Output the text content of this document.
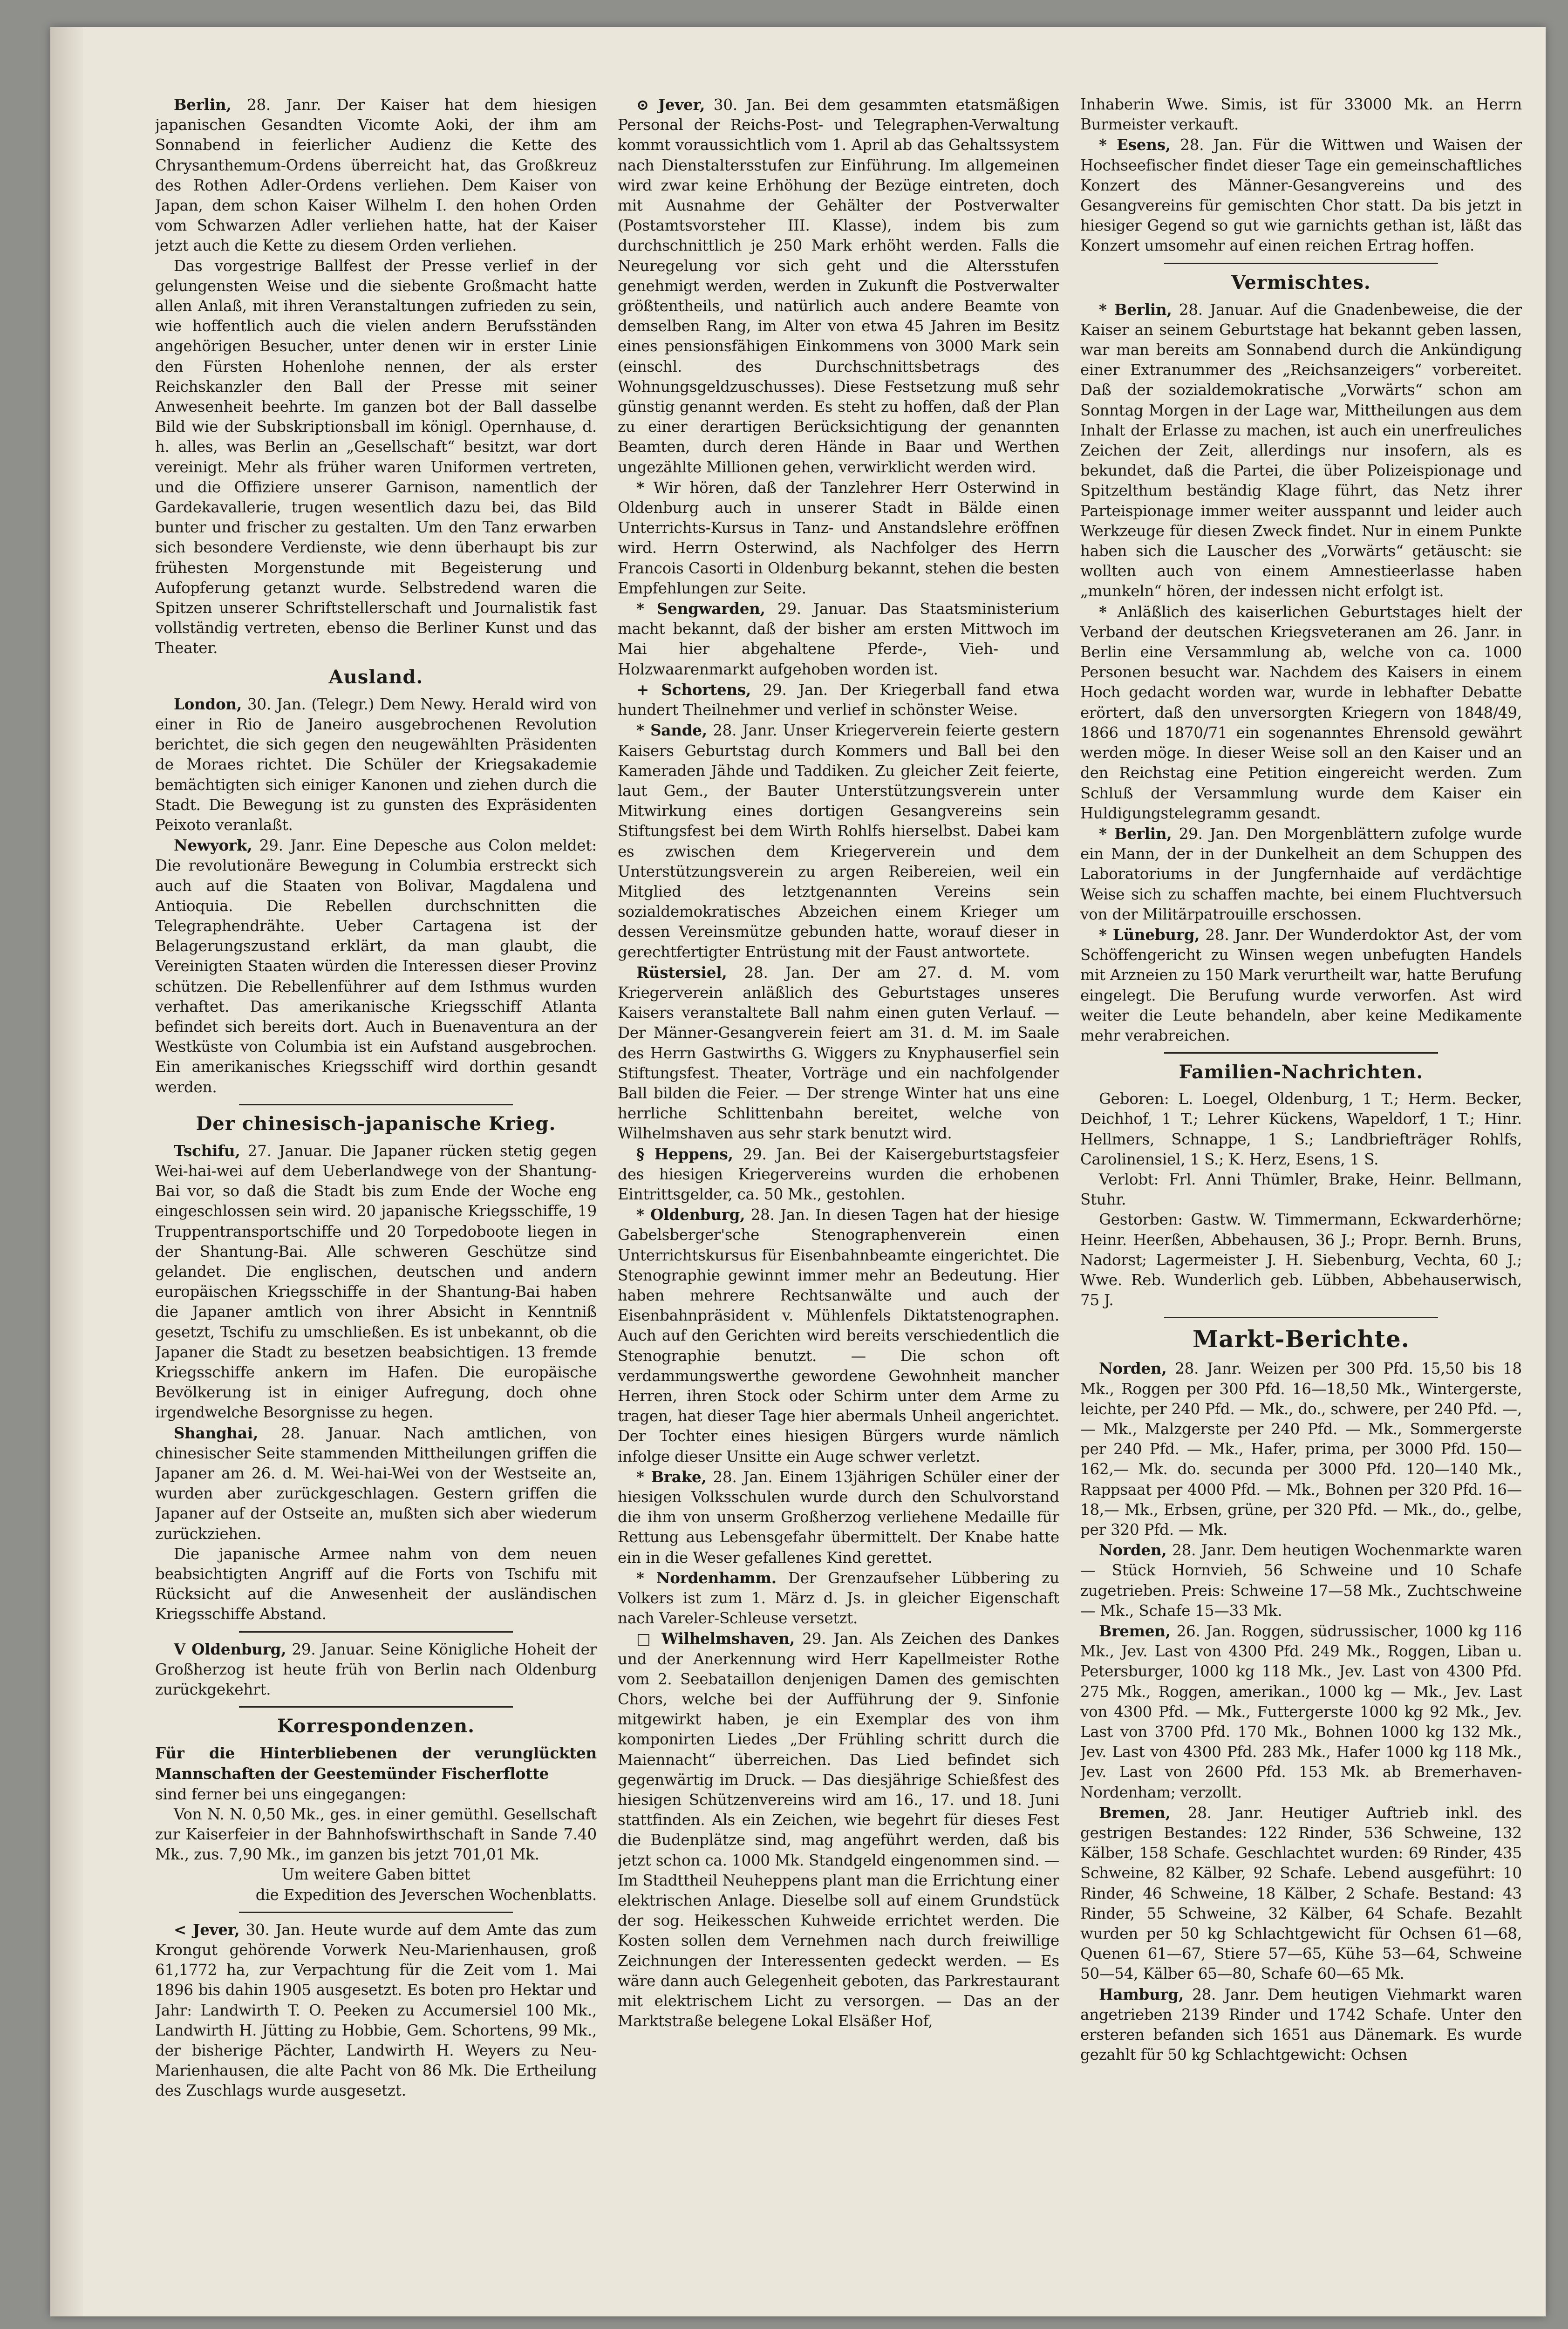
Berlin, 28. Janr. Der Kaiser hat dem hiesigen japanischen Gesandten Vicomte Aoki, der ihm am Sonnabend in feierlicher Audienz die Kette des Chrysanthemum-Ordens überreicht hat, das Großkreuz des Rothen Adler-Ordens verliehen. Dem Kaiser von Japan, dem schon Kaiser Wilhelm I. den hohen Orden vom Schwarzen Adler verliehen hatte, hat der Kaiser jetzt auch die Kette zu diesem Orden verliehen.

Das vorgestrige Ballfest der Presse verlief in der gelungensten Weise und die siebente Großmacht hatte allen Anlaß, mit ihren Veranstaltungen zufrieden zu sein, wie hoffentlich auch die vielen andern Berufsständen angehörigen Besucher, unter denen wir in erster Linie den Fürsten Hohenlohe nennen, der als erster Reichskanzler den Ball der Presse mit seiner Anwesenheit beehrte. Im ganzen bot der Ball dasselbe Bild wie der Subskriptionsball im königl. Opernhause, d. h. alles, was Berlin an „Gesellschaft“ besitzt, war dort vereinigt. Mehr als früher waren Uniformen vertreten, und die Offiziere unserer Garnison, namentlich der Gardekavallerie, trugen wesentlich dazu bei, das Bild bunter und frischer zu gestalten. Um den Tanz erwarben sich besondere Verdienste, wie denn überhaupt bis zur frühesten Morgenstunde mit Begeisterung und Aufopferung getanzt wurde. Selbstredend waren die Spitzen unserer Schriftstellerschaft und Journalistik fast vollständig vertreten, ebenso die Berliner Kunst und das Theater.

Ausland.

London, 30. Jan. (Telegr.) Dem Newy. Herald wird von einer in Rio de Janeiro ausgebrochenen Revolution berichtet, die sich gegen den neugewählten Präsidenten de Moraes richtet. Die Schüler der Kriegsakademie bemächtigten sich einiger Kanonen und ziehen durch die Stadt. Die Bewegung ist zu gunsten des Expräsidenten Peixoto veranlaßt.

Newyork, 29. Janr. Eine Depesche aus Colon meldet: Die revolutionäre Bewegung in Columbia erstreckt sich auch auf die Staaten von Bolivar, Magdalena und Antioquia. Die Rebellen durchschnitten die Telegraphendrähte. Ueber Cartagena ist der Belagerungszustand erklärt, da man glaubt, die Vereinigten Staaten würden die Interessen dieser Provinz schützen. Die Rebellenführer auf dem Isthmus wurden verhaftet. Das amerikanische Kriegsschiff Atlanta befindet sich bereits dort. Auch in Buenaventura an der Westküste von Columbia ist ein Aufstand ausgebrochen. Ein amerikanisches Kriegsschiff wird dorthin gesandt werden.

Der chinesisch-japanische Krieg.

Tschifu, 27. Januar. Die Japaner rücken stetig gegen Wei-hai-wei auf dem Ueberlandwege von der Shantung-Bai vor, so daß die Stadt bis zum Ende der Woche eng eingeschlossen sein wird. 20 japanische Kriegsschiffe, 19 Truppentransportschiffe und 20 Torpedoboote liegen in der Shantung-Bai. Alle schweren Geschütze sind gelandet. Die englischen, deutschen und andern europäischen Kriegsschiffe in der Shantung-Bai haben die Japaner amtlich von ihrer Absicht in Kenntniß gesetzt, Tschifu zu umschließen. Es ist unbekannt, ob die Japaner die Stadt zu besetzen beabsichtigen. 13 fremde Kriegsschiffe ankern im Hafen. Die europäische Bevölkerung ist in einiger Aufregung, doch ohne irgendwelche Besorgnisse zu hegen.

Shanghai, 28. Januar. Nach amtlichen, von chinesischer Seite stammenden Mittheilungen griffen die Japaner am 26. d. M. Wei-hai-Wei von der Westseite an, wurden aber zurückgeschlagen. Gestern griffen die Japaner auf der Ostseite an, mußten sich aber wiederum zurückziehen.

Die japanische Armee nahm von dem neuen beabsichtigten Angriff auf die Forts von Tschifu mit Rücksicht auf die Anwesenheit der ausländischen Kriegsschiffe Abstand.

V Oldenburg, 29. Januar. Seine Königliche Hoheit der Großherzog ist heute früh von Berlin nach Oldenburg zurückgekehrt.

Korrespondenzen.

Für die Hinterbliebenen der verunglückten Mannschaften der Geestemünder Fischerflotte

sind ferner bei uns eingegangen:

Von N. N. 0,50 Mk., ges. in einer gemüthl. Gesellschaft zur Kaiserfeier in der Bahnhofswirthschaft in Sande 7.40 Mk., zus. 7,90 Mk., im ganzen bis jetzt 701,01 Mk.

Um weitere Gaben bittet

die Expedition des Jeverschen Wochenblatts.

< Jever, 30. Jan. Heute wurde auf dem Amte das zum Krongut gehörende Vorwerk Neu-Marienhausen, groß 61,1772 ha, zur Verpachtung für die Zeit vom 1. Mai 1896 bis dahin 1905 ausgesetzt. Es boten pro Hektar und Jahr: Landwirth T. O. Peeken zu Accumersiel 100 Mk., Landwirth H. Jütting zu Hobbie, Gem. Schortens, 99 Mk., der bisherige Pächter, Landwirth H. Weyers zu Neu-Marienhausen, die alte Pacht von 86 Mk. Die Ertheilung des Zuschlags wurde ausgesetzt.

⊙ Jever, 30. Jan. Bei dem gesammten etatsmäßigen Personal der Reichs-Post- und Telegraphen-Verwaltung kommt voraussichtlich vom 1. April ab das Gehaltssystem nach Dienstaltersstufen zur Einführung. Im allgemeinen wird zwar keine Erhöhung der Bezüge eintreten, doch mit Ausnahme der Gehälter der Postverwalter (Postamtsvorsteher III. Klasse), indem bis zum durchschnittlich je 250 Mark erhöht werden. Falls die Neuregelung vor sich geht und die Altersstufen genehmigt werden, werden in Zukunft die Postverwalter größtentheils, und natürlich auch andere Beamte von demselben Rang, im Alter von etwa 45 Jahren im Besitz eines pensionsfähigen Einkommens von 3000 Mark sein (einschl. des Durchschnittsbetrags des Wohnungsgeldzuschusses). Diese Festsetzung muß sehr günstig genannt werden. Es steht zu hoffen, daß der Plan zu einer derartigen Berücksichtigung der genannten Beamten, durch deren Hände in Baar und Werthen ungezählte Millionen gehen, verwirklicht werden wird.

* Wir hören, daß der Tanzlehrer Herr Osterwind in Oldenburg auch in unserer Stadt in Bälde einen Unterrichts-Kursus in Tanz- und Anstandslehre eröffnen wird. Herrn Osterwind, als Nachfolger des Herrn Francois Casorti in Oldenburg bekannt, stehen die besten Empfehlungen zur Seite.

* Sengwarden, 29. Januar. Das Staatsministerium macht bekannt, daß der bisher am ersten Mittwoch im Mai hier abgehaltene Pferde-, Vieh- und Holzwaarenmarkt aufgehoben worden ist.

+ Schortens, 29. Jan. Der Kriegerball fand etwa hundert Theilnehmer und verlief in schönster Weise.

* Sande, 28. Janr. Unser Kriegerverein feierte gestern Kaisers Geburtstag durch Kommers und Ball bei den Kameraden Jähde und Taddiken. Zu gleicher Zeit feierte, laut Gem., der Bauter Unterstützungsverein unter Mitwirkung eines dortigen Gesangvereins sein Stiftungsfest bei dem Wirth Rohlfs hierselbst. Dabei kam es zwischen dem Kriegerverein und dem Unterstützungsverein zu argen Reibereien, weil ein Mitglied des letztgenannten Vereins sein sozialdemokratisches Abzeichen einem Krieger um dessen Vereinsmütze gebunden hatte, worauf dieser in gerechtfertigter Entrüstung mit der Faust antwortete.

Rüstersiel, 28. Jan. Der am 27. d. M. vom Kriegerverein anläßlich des Geburtstages unseres Kaisers veranstaltete Ball nahm einen guten Verlauf. — Der Männer-Gesangverein feiert am 31. d. M. im Saale des Herrn Gastwirths G. Wiggers zu Knyphauserfiel sein Stiftungsfest. Theater, Vorträge und ein nachfolgender Ball bilden die Feier. — Der strenge Winter hat uns eine herrliche Schlittenbahn bereitet, welche von Wilhelmshaven aus sehr stark benutzt wird.

§ Heppens, 29. Jan. Bei der Kaisergeburtstagsfeier des hiesigen Kriegervereins wurden die erhobenen Eintrittsgelder, ca. 50 Mk., gestohlen.

* Oldenburg, 28. Jan. In diesen Tagen hat der hiesige Gabelsberger'sche Stenographenverein einen Unterrichtskursus für Eisenbahnbeamte eingerichtet. Die Stenographie gewinnt immer mehr an Bedeutung. Hier haben mehrere Rechtsanwälte und auch der Eisenbahnpräsident v. Mühlenfels Diktatstenographen. Auch auf den Gerichten wird bereits verschiedentlich die Stenographie benutzt. — Die schon oft verdammungswerthe gewordene Gewohnheit mancher Herren, ihren Stock oder Schirm unter dem Arme zu tragen, hat dieser Tage hier abermals Unheil angerichtet. Der Tochter eines hiesigen Bürgers wurde nämlich infolge dieser Unsitte ein Auge schwer verletzt.

* Brake, 28. Jan. Einem 13jährigen Schüler einer der hiesigen Volksschulen wurde durch den Schulvorstand die ihm von unserm Großherzog verliehene Medaille für Rettung aus Lebensgefahr übermittelt. Der Knabe hatte ein in die Weser gefallenes Kind gerettet.

* Nordenhamm. Der Grenzaufseher Lübbering zu Volkers ist zum 1. März d. Js. in gleicher Eigenschaft nach Vareler-Schleuse versetzt.

□ Wilhelmshaven, 29. Jan. Als Zeichen des Dankes und der Anerkennung wird Herr Kapellmeister Rothe vom 2. Seebataillon denjenigen Damen des gemischten Chors, welche bei der Aufführung der 9. Sinfonie mitgewirkt haben, je ein Exemplar des von ihm komponirten Liedes „Der Frühling schritt durch die Maiennacht“ überreichen. Das Lied befindet sich gegenwärtig im Druck. — Das diesjährige Schießfest des hiesigen Schützenvereins wird am 16., 17. und 18. Juni stattfinden. Als ein Zeichen, wie begehrt für dieses Fest die Budenplätze sind, mag angeführt werden, daß bis jetzt schon ca. 1000 Mk. Standgeld eingenommen sind. — Im Stadttheil Neuheppens plant man die Errichtung einer elektrischen Anlage. Dieselbe soll auf einem Grundstück der sog. Heikesschen Kuhweide errichtet werden. Die Kosten sollen dem Vernehmen nach durch freiwillige Zeichnungen der Interessenten gedeckt werden. — Es wäre dann auch Gelegenheit geboten, das Parkrestaurant mit elektrischem Licht zu versorgen. — Das an der Marktstraße belegene Lokal Elsäßer Hof,

Inhaberin Wwe. Simis, ist für 33000 Mk. an Herrn Burmeister verkauft.

* Esens, 28. Jan. Für die Wittwen und Waisen der Hochseefischer findet dieser Tage ein gemeinschaftliches Konzert des Männer-Gesangvereins und des Gesangvereins für gemischten Chor statt. Da bis jetzt in hiesiger Gegend so gut wie garnichts gethan ist, läßt das Konzert umsomehr auf einen reichen Ertrag hoffen.

Vermischtes.

* Berlin, 28. Januar. Auf die Gnadenbeweise, die der Kaiser an seinem Geburtstage hat bekannt geben lassen, war man bereits am Sonnabend durch die Ankündigung einer Extranummer des „Reichsanzeigers“ vorbereitet. Daß der sozialdemokratische „Vorwärts“ schon am Sonntag Morgen in der Lage war, Mittheilungen aus dem Inhalt der Erlasse zu machen, ist auch ein unerfreuliches Zeichen der Zeit, allerdings nur insofern, als es bekundet, daß die Partei, die über Polizeispionage und Spitzelthum beständig Klage führt, das Netz ihrer Parteispionage immer weiter ausspannt und leider auch Werkzeuge für diesen Zweck findet. Nur in einem Punkte haben sich die Lauscher des „Vorwärts“ getäuscht: sie wollten auch von einem Amnestieerlasse haben „munkeln“ hören, der indessen nicht erfolgt ist.

* Anläßlich des kaiserlichen Geburtstages hielt der Verband der deutschen Kriegsveteranen am 26. Janr. in Berlin eine Versammlung ab, welche von ca. 1000 Personen besucht war. Nachdem des Kaisers in einem Hoch gedacht worden war, wurde in lebhafter Debatte erörtert, daß den unversorgten Kriegern von 1848/49, 1866 und 1870/71 ein sogenanntes Ehrensold gewährt werden möge. In dieser Weise soll an den Kaiser und an den Reichstag eine Petition eingereicht werden. Zum Schluß der Versammlung wurde dem Kaiser ein Huldigungstelegramm gesandt.

* Berlin, 29. Jan. Den Morgenblättern zufolge wurde ein Mann, der in der Dunkelheit an dem Schuppen des Laboratoriums in der Jungfernhaide auf verdächtige Weise sich zu schaffen machte, bei einem Fluchtversuch von der Militärpatrouille erschossen.

* Lüneburg, 28. Janr. Der Wunderdoktor Ast, der vom Schöffengericht zu Winsen wegen unbefugten Handels mit Arzneien zu 150 Mark verurtheilt war, hatte Berufung eingelegt. Die Berufung wurde verworfen. Ast wird weiter die Leute behandeln, aber keine Medikamente mehr verabreichen.

Familien-Nachrichten.

Geboren: L. Loegel, Oldenburg, 1 T.; Herm. Becker, Deichhof, 1 T.; Lehrer Kückens, Wapeldorf, 1 T.; Hinr. Hellmers, Schnappe, 1 S.; Landbriefträger Rohlfs, Carolinensiel, 1 S.; K. Herz, Esens, 1 S.

Verlobt: Frl. Anni Thümler, Brake, Heinr. Bellmann, Stuhr.

Gestorben: Gastw. W. Timmermann, Eckwarderhörne; Heinr. Heerßen, Abbehausen, 36 J.; Propr. Bernh. Bruns, Nadorst; Lagermeister J. H. Siebenburg, Vechta, 60 J.; Wwe. Reb. Wunderlich geb. Lübben, Abbehauserwisch, 75 J.

Markt-Berichte.

Norden, 28. Janr. Weizen per 300 Pfd. 15,50 bis 18 Mk., Roggen per 300 Pfd. 16—18,50 Mk., Wintergerste, leichte, per 240 Pfd. — Mk., do., schwere, per 240 Pfd. —,— Mk., Malzgerste per 240 Pfd. — Mk., Sommergerste per 240 Pfd. — Mk., Hafer, prima, per 3000 Pfd. 150—162,— Mk. do. secunda per 3000 Pfd. 120—140 Mk., Rappsaat per 4000 Pfd. — Mk., Bohnen per 320 Pfd. 16—18,— Mk., Erbsen, grüne, per 320 Pfd. — Mk., do., gelbe, per 320 Pfd. — Mk.

Norden, 28. Janr. Dem heutigen Wochenmarkte waren — Stück Hornvieh, 56 Schweine und 10 Schafe zugetrieben. Preis: Schweine 17—58 Mk., Zuchtschweine — Mk., Schafe 15—33 Mk.

Bremen, 26. Jan. Roggen, südrussischer, 1000 kg 116 Mk., Jev. Last von 4300 Pfd. 249 Mk., Roggen, Liban u. Petersburger, 1000 kg 118 Mk., Jev. Last von 4300 Pfd. 275 Mk., Roggen, amerikan., 1000 kg — Mk., Jev. Last von 4300 Pfd. — Mk., Futtergerste 1000 kg 92 Mk., Jev. Last von 3700 Pfd. 170 Mk., Bohnen 1000 kg 132 Mk., Jev. Last von 4300 Pfd. 283 Mk., Hafer 1000 kg 118 Mk., Jev. Last von 2600 Pfd. 153 Mk. ab Bremerhaven-Nordenham; verzollt.

Bremen, 28. Janr. Heutiger Auftrieb inkl. des gestrigen Bestandes: 122 Rinder, 536 Schweine, 132 Kälber, 158 Schafe. Geschlachtet wurden: 69 Rinder, 435 Schweine, 82 Kälber, 92 Schafe. Lebend ausgeführt: 10 Rinder, 46 Schweine, 18 Kälber, 2 Schafe. Bestand: 43 Rinder, 55 Schweine, 32 Kälber, 64 Schafe. Bezahlt wurden per 50 kg Schlachtgewicht für Ochsen 61—68, Quenen 61—67, Stiere 57—65, Kühe 53—64, Schweine 50—54, Kälber 65—80, Schafe 60—65 Mk.

Hamburg, 28. Janr. Dem heutigen Viehmarkt waren angetrieben 2139 Rinder und 1742 Schafe. Unter den ersteren befanden sich 1651 aus Dänemark. Es wurde gezahlt für 50 kg Schlachtgewicht: Ochsen
